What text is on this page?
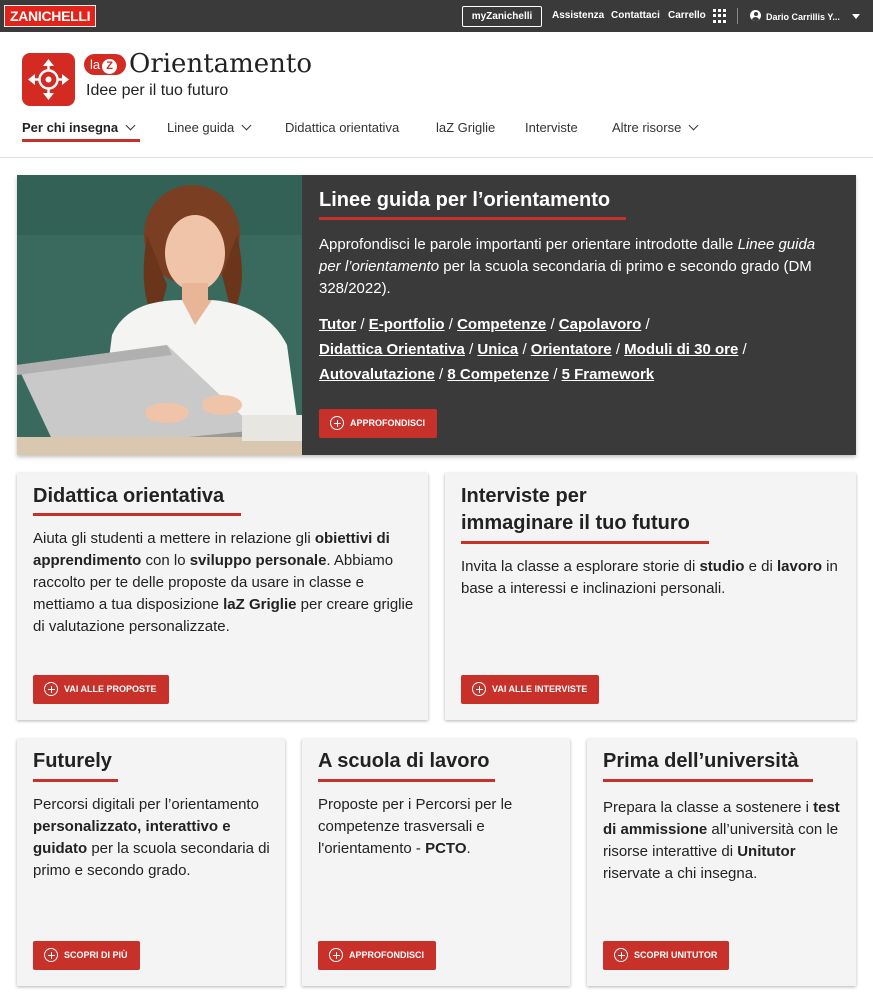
ZANICHELLI	myZanichelli	Assistenza Contattaci Carrello	Dario Carrillis Y...
la Z Orientamento
Idee per il tuo futuro
Per chi insegna	Linee guida	Didattica orientativa	laZ Griglie Interviste	Altre risorse
Linee guida per l’orientamento
Approfondisci le parole importanti per orientare introdotte dalle Linee guida per l’orientamento per la scuola secondaria di primo e secondo grado (DM 328/2022).
Tutor / E-portfolio / Competenze / Capolavoro /
Didattica Orientativa / Unica / Orientatore / Moduli di 30 ore /
Autovalutazione / 8 Competenze / 5 Framework
APPROFONDISCI
Didattica orientativa
Aiuta gli studenti a mettere in relazione gli obiettivi di apprendimento con lo sviluppo personale. Abbiamo raccolto per te delle proposte da usare in classe e mettiamo a tua disposizione laZ Griglie per creare griglie di valutazione personalizzate.
VAI ALLE PROPOSTE
Interviste per
immaginare il tuo futuro
Invita la classe a esplorare storie di studio e di lavoro in base a interessi e inclinazioni personali.
VAI ALLE INTERVISTE
Futurely
Percorsi digitali per l’orientamento personalizzato, interattivo e guidato per la scuola secondaria di primo e secondo grado.
SCOPRI DI PIÙ
A scuola di lavoro
Proposte per i Percorsi per le competenze trasversali e l'orientamento - PCTO.
APPROFONDISCI
Prima dell’università
Prepara la classe a sostenere i test di ammissione all’università con le risorse interattive di Unitutor riservate a chi insegna.
SCOPRI UNITUTOR
